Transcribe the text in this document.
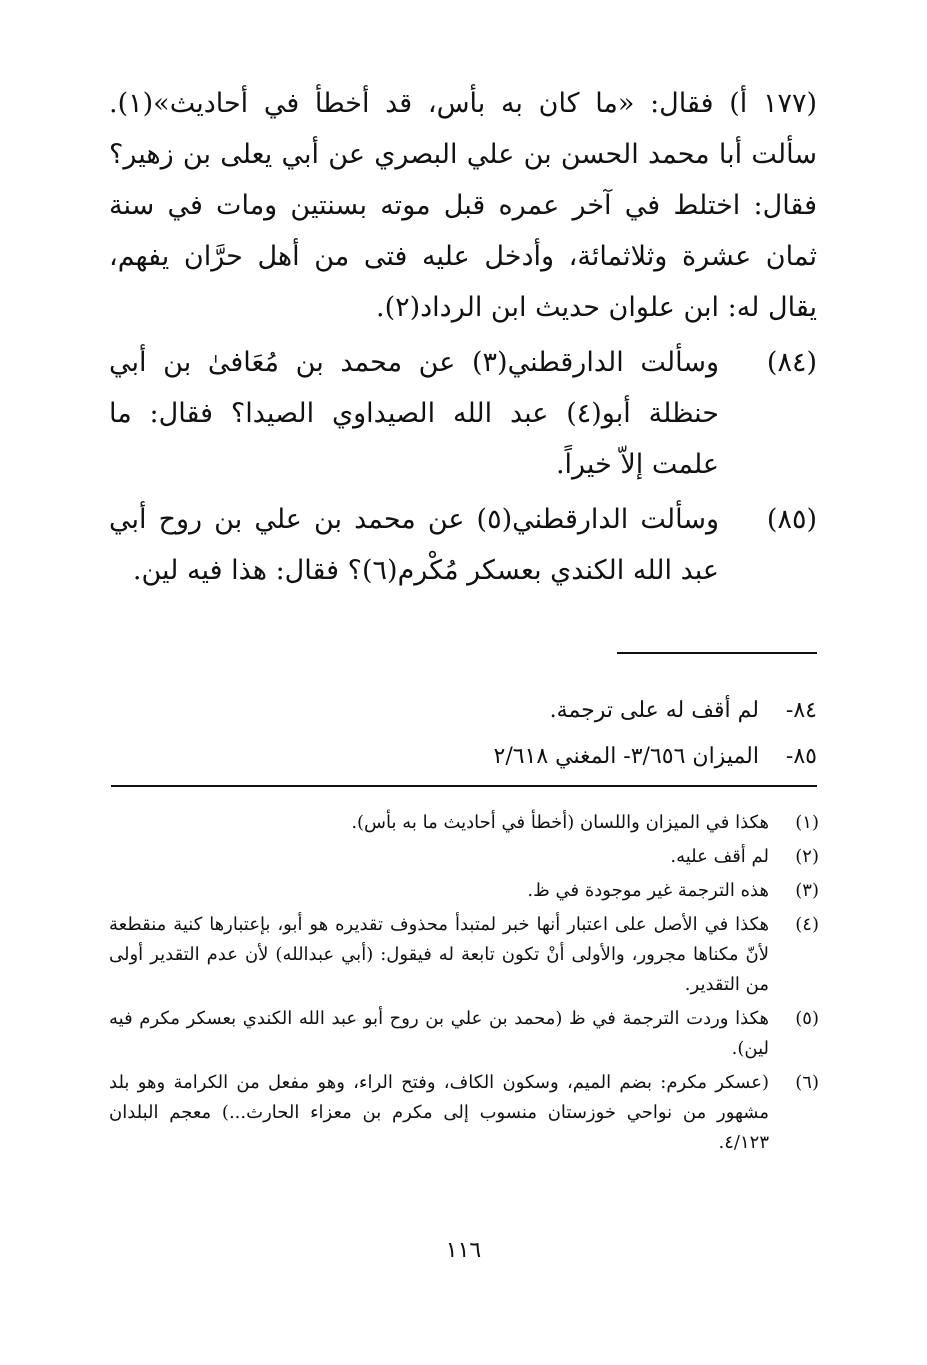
(١٧٧ أ) فقال: «ما كان به بأس، قد أخطأ في أحاديث»(١). سألت أبا محمد الحسن بن علي البصري عن أبي يعلى بن زهير؟ فقال: اختلط في آخر عمره قبل موته بسنتين ومات في سنة ثمان عشرة وثلاثمائة، وأدخل عليه فتى من أهل حرَّان يفهم، يقال له: ابن علوان حديث ابن الرداد(٢).
(٨٤)
وسألت الدارقطني(٣) عن محمد بن مُعَافىٰ بن أبي حنظلة أبو(٤) عبد الله الصيداوي الصيدا؟ فقال: ما علمت إلاّ خيراً.
(٨٥)
وسألت الدارقطني(٥) عن محمد بن علي بن روح أبي عبد الله الكندي بعسكر مُكْرم(٦)؟ فقال: هذا فيه لين.
٨٤-
لم أقف له على ترجمة.
٨٥-
الميزان ٣/٦٥٦- المغني ٢/٦١٨
(١)
هكذا في الميزان واللسان (أخطأ في أحاديث ما به بأس).
(٢)
لم أقف عليه.
(٣)
هذه الترجمة غير موجودة في ظ.
(٤)
هكذا في الأصل على اعتبار أنها خبر لمتبدأ محذوف تقديره هو أبو، بإعتبارها كنية منقطعة لأنّ مكناها مجرور، والأولى أنْ تكون تابعة له فيقول: (أبي عبدالله) لأن عدم التقدير أولى من التقدير.
(٥)
هكذا وردت الترجمة في ظ (محمد بن علي بن روح أبو عبد الله الكندي بعسكر مكرم فيه لين).
(٦)
(عسكر مكرم: بضم الميم، وسكون الكاف، وفتح الراء، وهو مفعل من الكرامة وهو بلد مشهور من نواحي خوزستان منسوب إلى مكرم بن معزاء الحارث...) معجم البلدان ٤/١٢٣.
١١٦
